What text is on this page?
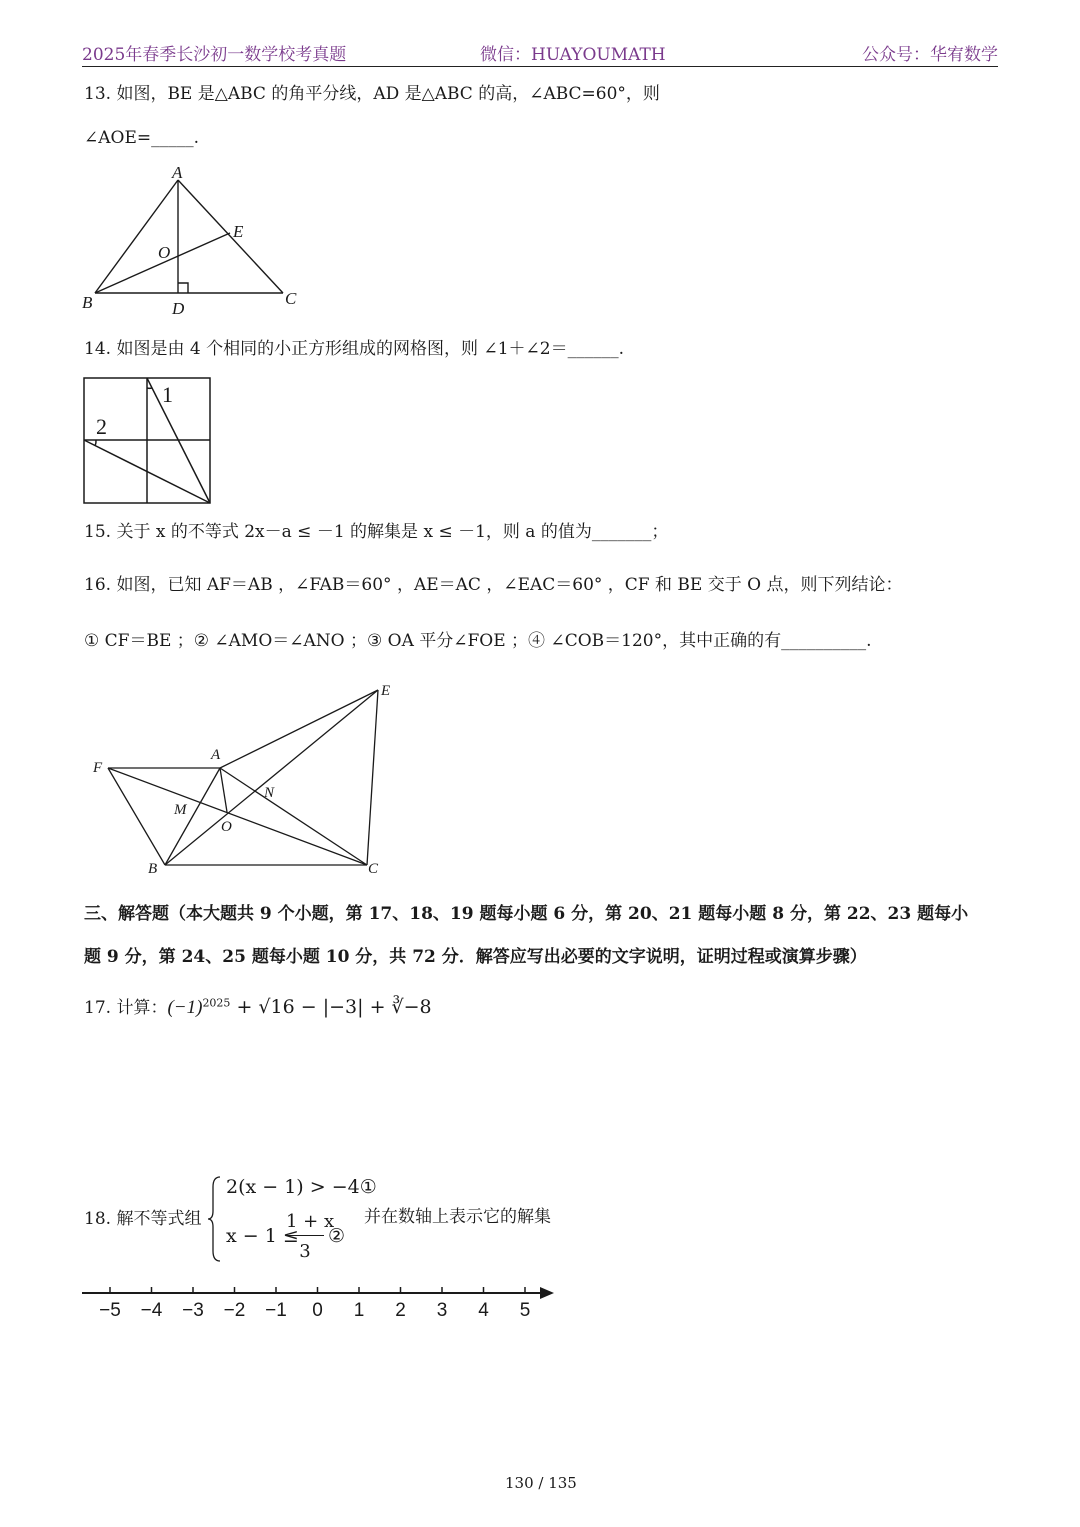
2025年春季长沙初一数学校考真题	微信：HUAYOUMATH	公众号：华宥数学
13. 如图，BE 是△ABC 的角平分线，AD 是△ABC 的高，∠ABC=60°，则
∠AOE=_____.
A
E
O
B	D
C
14. 如图是由 4 个相同的小正方形组成的网格图，则 ∠1＋∠2＝______.
1
2
15. 关于 x 的不等式 2x－a ≤ －1 的解集是 x ≤ －1，则 a 的值为_______；
16. 如图，已知 AF＝AB ，∠FAB＝60° ，AE＝AC ，∠EAC＝60° ，CF 和 BE 交于 O 点，则下列结论：
① CF＝BE ；② ∠AMO＝∠ANO ；③ OA 平分∠FOE ；④ ∠COB＝120°，其中正确的有__________.
E
A
F
N
M
O
B	C
三、解答题（本大题共 9 个小题，第 17、18、19 题每小题 6 分，第 20、21 题每小题 8 分，第 22、23 题每小
题 9 分，第 24、25 题每小题 10 分，共 72 分．解答应写出必要的文字说明，证明过程或演算步骤）
17. 计算：$(-1)^{2025} + √16 - |-3|$ + ∛−8
18. 解不等式组
2(x − 1) > −4①
x − 1 ≤
1 + x
3
②
并在数轴上表示它的解集
−5 −4 −3 −2 −1 0 1 2 3 4 5
130 / 135
